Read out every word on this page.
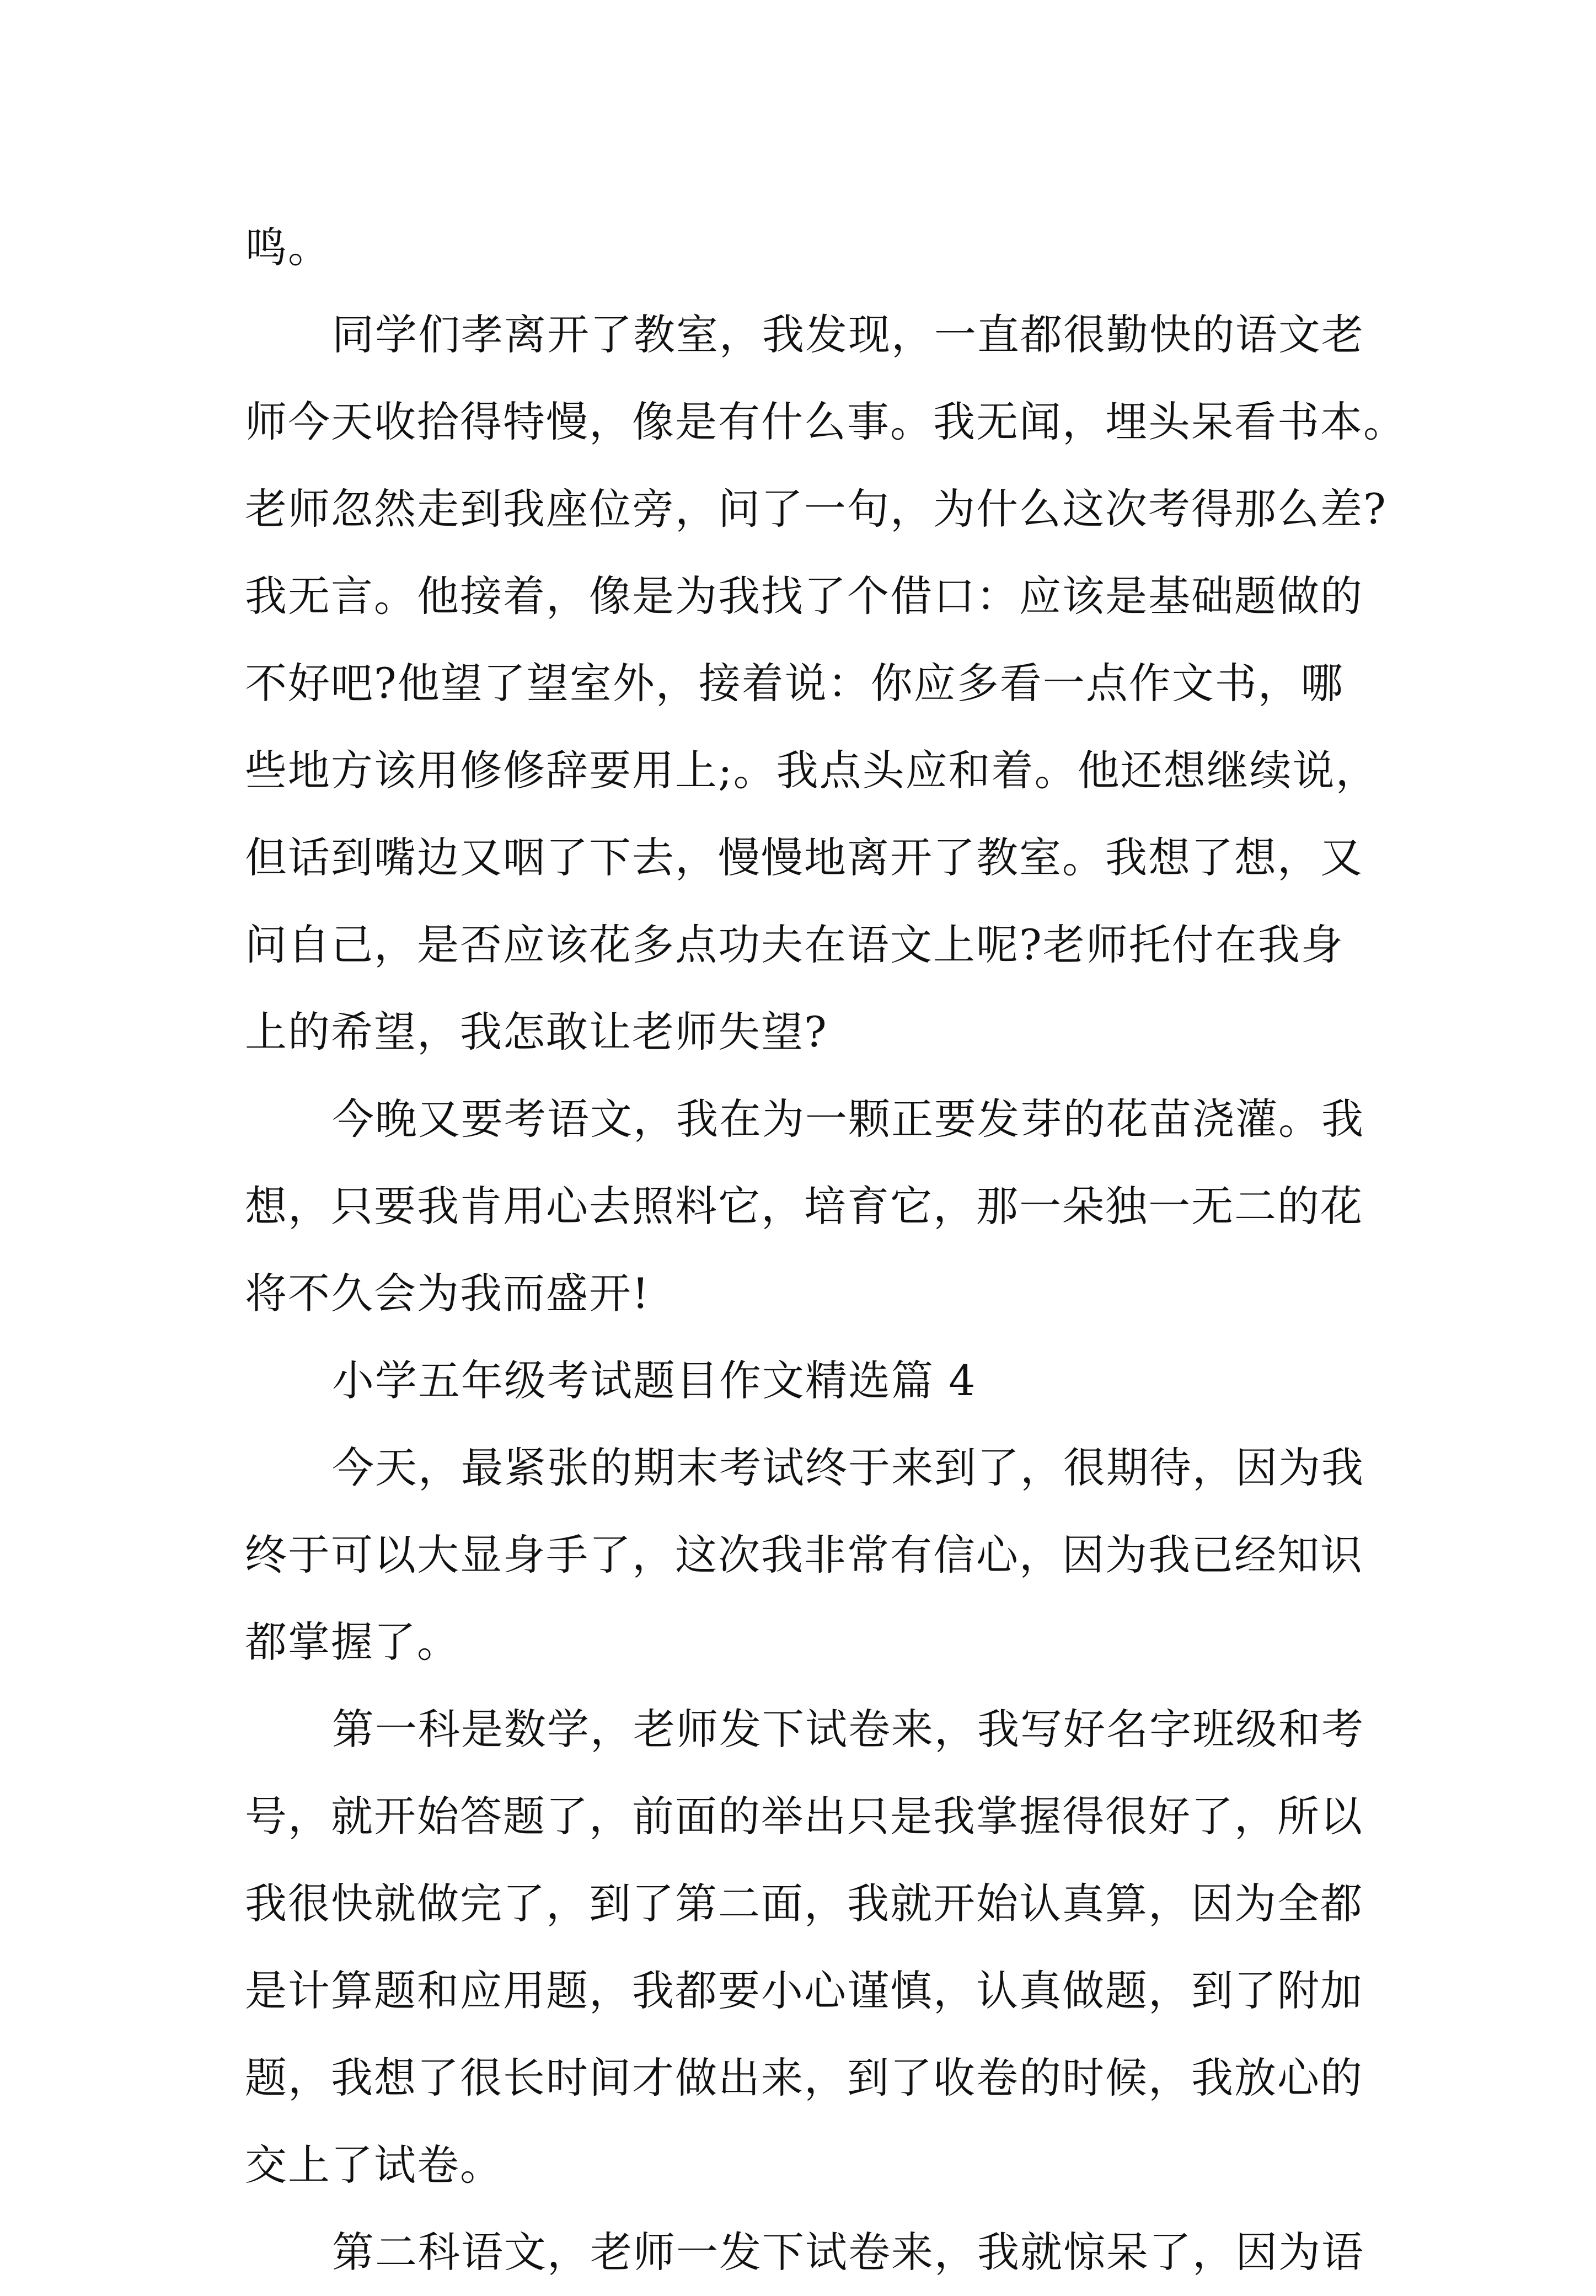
鸣。
同学们孝离开了教室，我发现，一直都很勤快的语文老
师今天收拾得特慢，像是有什么事。我无闻，埋头呆看书本。
老师忽然走到我座位旁，问了一句，为什么这次考得那么差?
我无言。他接着，像是为我找了个借口：应该是基础题做的
不好吧?他望了望室外，接着说：你应多看一点作文书，哪
些地方该用修修辞要用上;。我点头应和着。他还想继续说，
但话到嘴边又咽了下去，慢慢地离开了教室。我想了想，又
问自己，是否应该花多点功夫在语文上呢?老师托付在我身
上的希望，我怎敢让老师失望?
今晚又要考语文，我在为一颗正要发芽的花苗浇灌。我
想，只要我肯用心去照料它，培育它，那一朵独一无二的花
将不久会为我而盛开!
小学五年级考试题目作文精选篇 4
今天，最紧张的期末考试终于来到了，很期待，因为我
终于可以大显身手了，这次我非常有信心，因为我已经知识
都掌握了。
第一科是数学，老师发下试卷来，我写好名字班级和考
号，就开始答题了，前面的举出只是我掌握得很好了，所以
我很快就做完了，到了第二面，我就开始认真算，因为全都
是计算题和应用题，我都要小心谨慎，认真做题，到了附加
题，我想了很长时间才做出来，到了收卷的时候，我放心的
交上了试卷。
第二科语文，老师一发下试卷来，我就惊呆了，因为语
